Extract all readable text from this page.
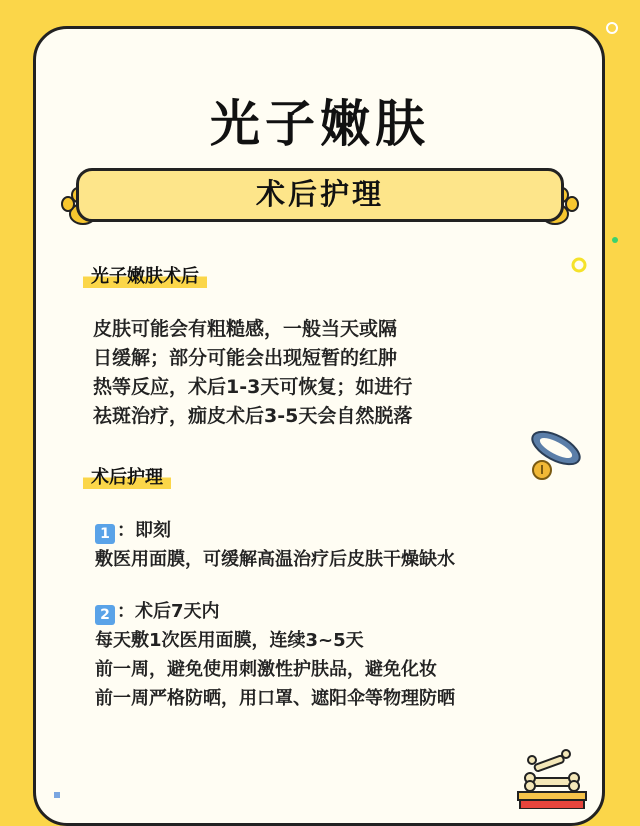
光子嫩肤
术后护理
光子嫩肤术后
皮肤可能会有粗糙感，一般当天或隔
日缓解；部分可能会出现短暂的红肿
热等反应，术后1-3天可恢复；如进行
祛斑治疗，痂皮术后3-5天会自然脱落
术后护理
1 ：即刻
敷医用面膜，可缓解高温治疗后皮肤干燥缺水
2 ：术后7天内
每天敷1次医用面膜，连续3~5天
前一周，避免使用刺激性护肤品，避免化妆
前一周严格防晒，用口罩、遮阳伞等物理防晒
